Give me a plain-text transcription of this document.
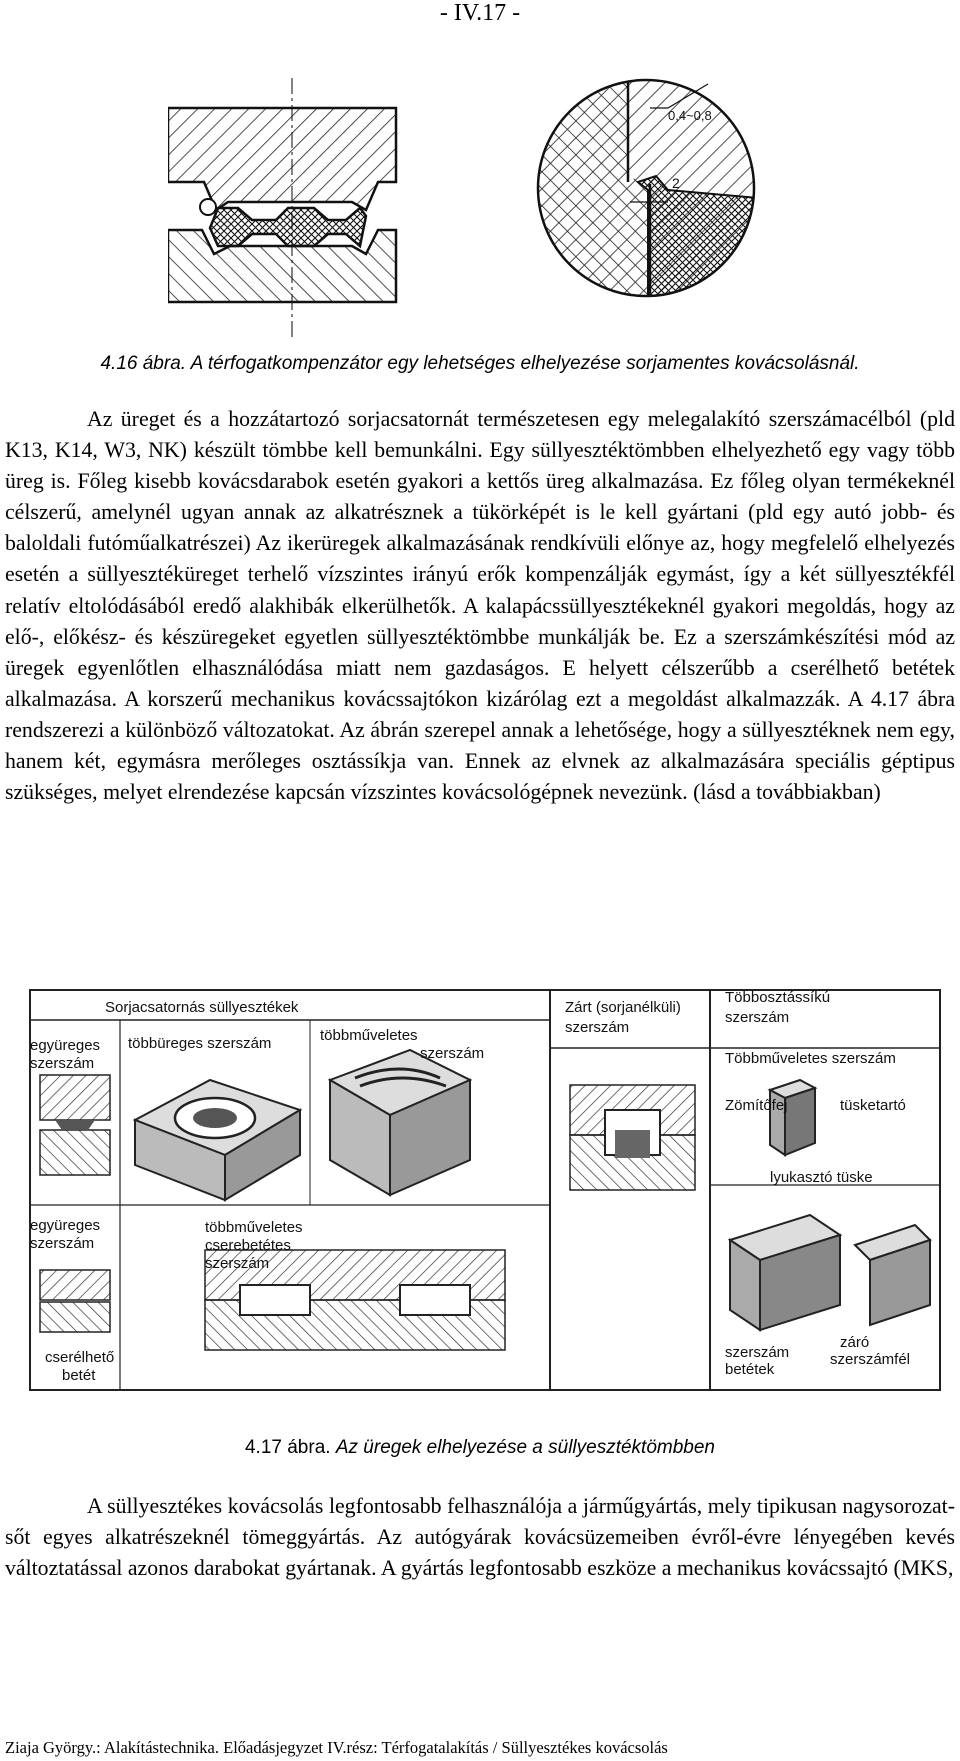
- IV.17 -
0,4~0,8
2
4.16 ábra. A térfogatkompenzátor egy lehetséges elhelyezése sorjamentes kovácsolásnál.

Az üreget és a hozzátartozó sorjacsatornát természetesen egy melegalakító szerszámacélból (pld K13, K14, W3, NK) készült tömbbe kell bemunkálni. Egy süllyesztéktömbben elhelyezhető egy vagy több üreg is. Főleg kisebb kovácsdarabok esetén gyakori a kettős üreg alkalmazása. Ez főleg olyan termékeknél célszerű, amelynél ugyan annak az alkatrésznek a tükörképét is le kell gyártani (pld egy autó jobb- és baloldali futóműalkatrészei) Az ikerüregek alkalmazásának rendkívüli előnye az, hogy megfelelő elhelyezés esetén a süllyesztéküreget terhelő vízszintes irányú erők kompenzálják egymást, így a két süllyesztékfél relatív eltolódásából eredő alakhibák elkerülhetők. A kalapácssüllyesztékeknél gyakori megoldás, hogy az elő-, előkész- és készüregeket egyetlen süllyesztéktömbbe munkálják be. Ez a szerszámkészítési mód az üregek egyenlőtlen elhasználódása miatt nem gazdaságos. E helyett célszerűbb a cserélhető betétek alkalmazása. A korszerű mechanikus kovácssajtókon kizárólag ezt a megoldást alkalmazzák. A 4.17 ábra rendszerezi a különböző változatokat. Az ábrán szerepel annak a lehetősége, hogy a süllyesztéknek nem egy, hanem két, egymásra merőleges osztássíkja van. Ennek az elvnek az alkalmazására speciális géptipus szükséges, melyet elrendezése kapcsán vízszintes kovácsológépnek nevezünk. (lásd a továbbiakban)

Sorjacsatornás süllyesztékek	Zárt (sorjanélküli)
szerszám
Többosztássíkú
szerszám
együreges
szerszám
többüreges szerszám	többműveletes
szerszám	Többműveletes szerszám
Zömítőfej	tüsketartó
lyukasztó tüske
együreges
szerszám
többműveletes
cserebetétes
szerszám
cserélhető
betét
szerszám
betétek
záró
szerszámfél
4.17 ábra. Az üregek elhelyezése a süllyesztéktömbben

A süllyesztékes kovácsolás legfontosabb felhasználója a járműgyártás, mely tipikusan nagysorozat- sőt egyes alkatrészeknél tömeggyártás. Az autógyárak kovácsüzemeiben évről-évre lényegében kevés változtatással azonos darabokat gyártanak. A gyártás legfontosabb eszköze a mechanikus kovácssajtó (MKS,

Ziaja György.: Alakítástechnika. Előadásjegyzet IV.rész: Térfogatalakítás / Süllyesztékes kovácsolás
